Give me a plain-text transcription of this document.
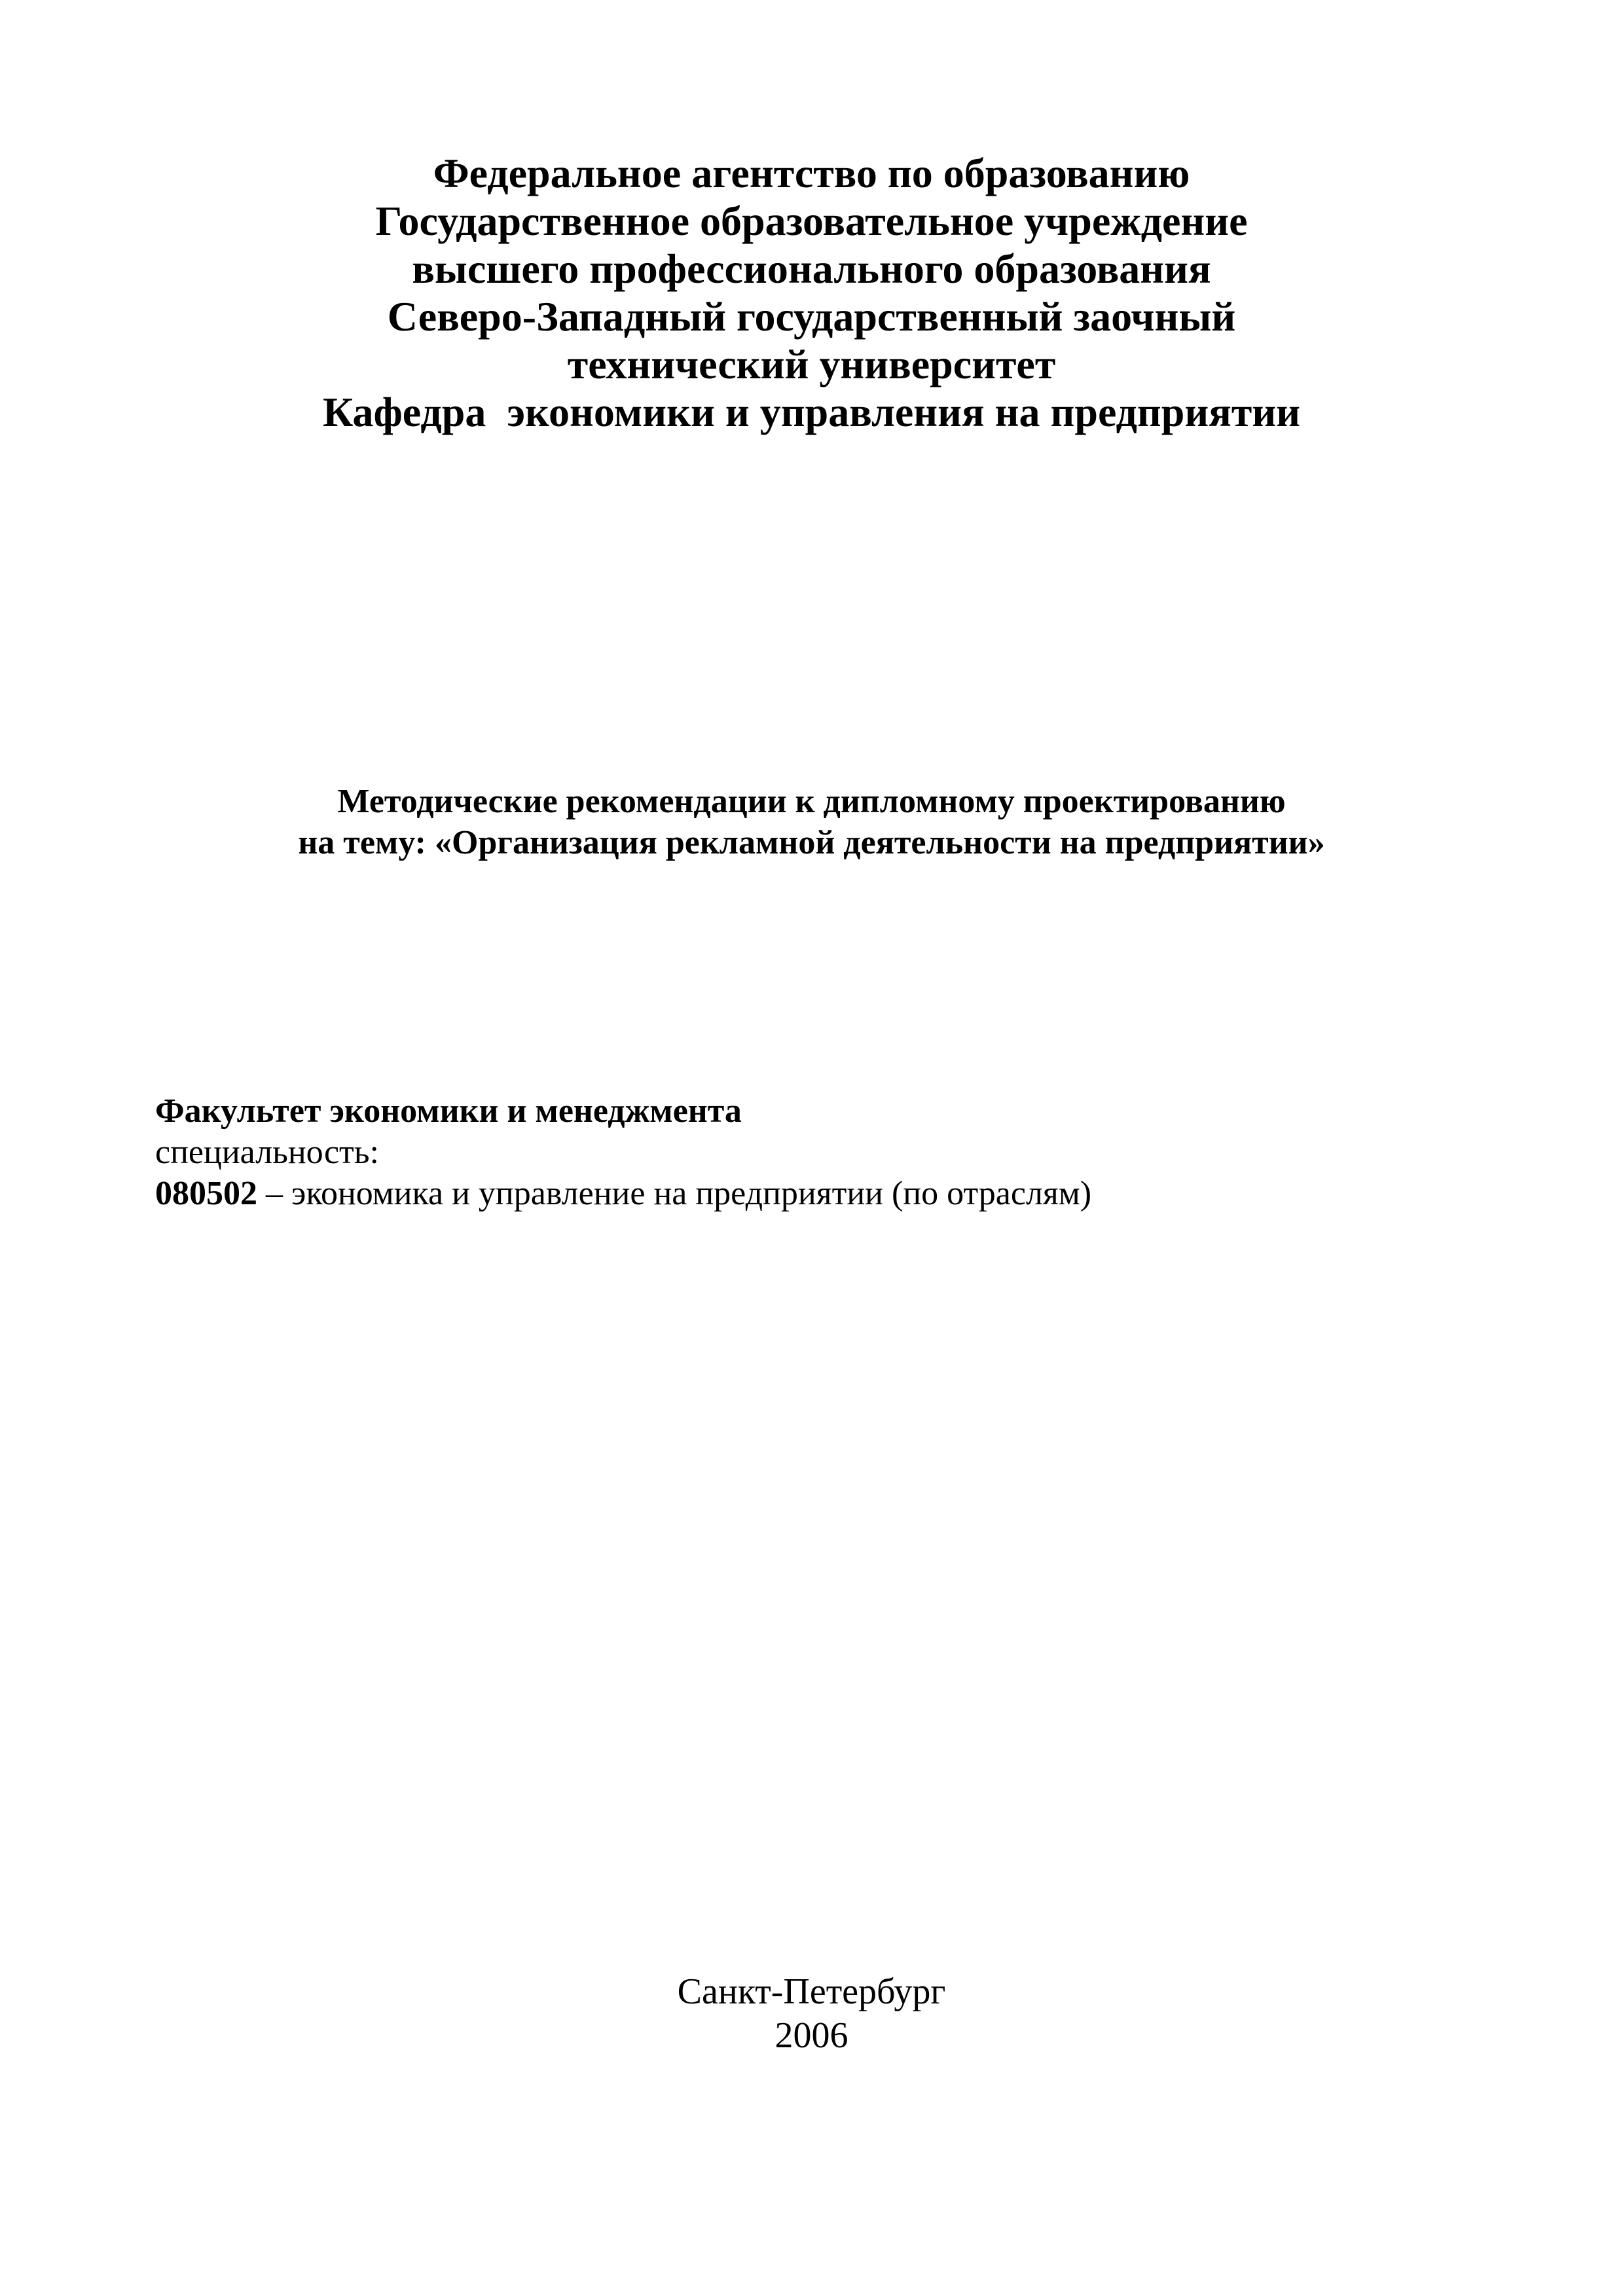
Федеральное агентство по образованию
Государственное образовательное учреждение
высшего профессионального образования
Северо-Западный государственный заочный
технический университет
Кафедра  экономики и управления на предприятии
Методические рекомендации к дипломному проектированию
на тему: «Организация рекламной деятельности на предприятии»
Факультет экономики и менеджмента
специальность:
080502 – экономика и управление на предприятии (по отраслям)
Санкт-Петербург
2006
